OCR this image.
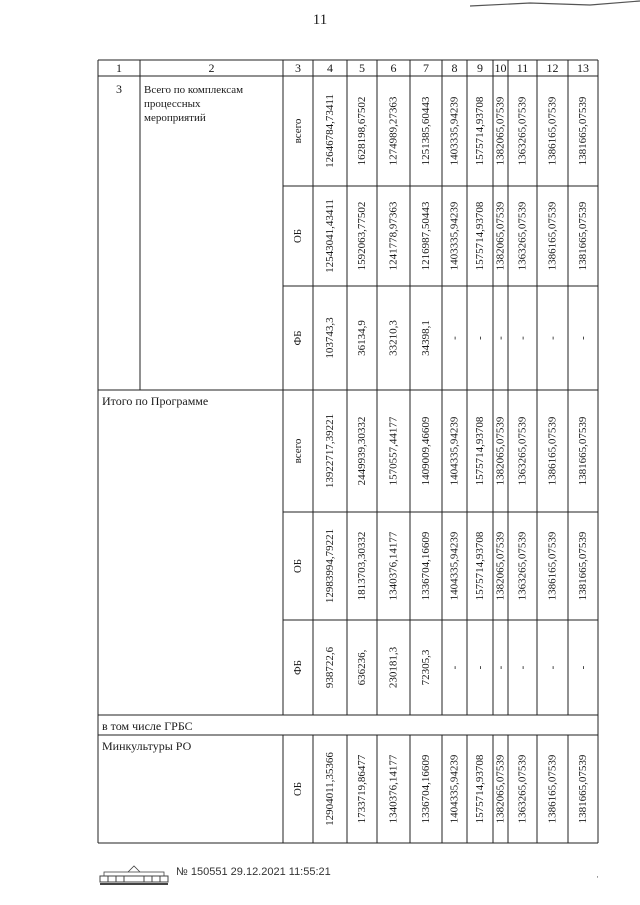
11
1	2	3 4 5 6 7 8 9 10 11 12 13
3 Всего по комплексам
процессных
мероприятий
всего 12646784,73411 1628198,67502 1274989,27363 1251385,60443 1403335,94239 1575714,93708 1382065,07539 1363265,07539 1386165,07539 1381665,07539
ОБ 12543041,43411 1592063,77502 1241778,97363 1216987,50443 1403335,94239 1575714,93708 1382065,07539 1363265,07539 1386165,07539 1381665,07539
ФБ 103743,3 36134,9 33210,3 34398,1 - - - - - -
Итого по Программе
всего 13922717,39221 2449939,30332 1570557,44177 1409009,46609 1404335,94239 1575714,93708 1382065,07539 1363265,07539 1386165,07539 1381665,07539
ОБ 12983994,79221 1813703,30332 1340376,14177 1336704,16609 1404335,94239 1575714,93708 1382065,07539 1363265,07539 1386165,07539 1381665,07539
ФБ 938722,6 636236, 230181,3 72305,3 - - - - - -
в том числе ГРБС
Минкультуры РО
ОБ 12904011,35366 1733719,86477 1340376,14177 1336704,16609 1404335,94239 1575714,93708 1382065,07539 1363265,07539 1386165,07539 1381665,07539
№ 150551 29.12.2021 11:55:21	·
